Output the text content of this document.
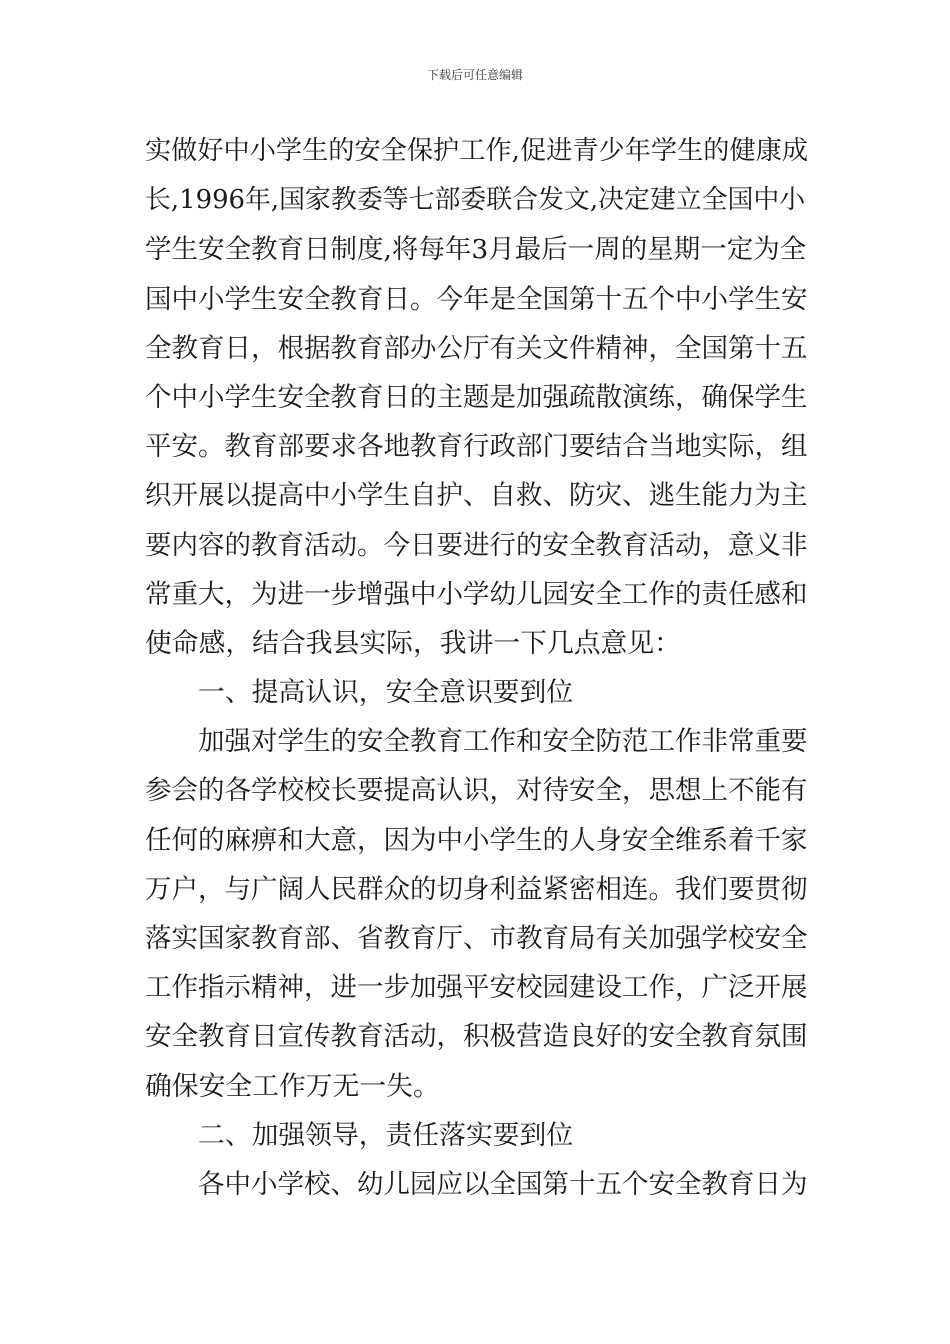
下载后可任意编辑
实做好中小学生的安全保护工作,促进青少年学生的健康成
长,1996年,国家教委等七部委联合发文,决定建立全国中小
学生安全教育日制度,将每年3月最后一周的星期一定为全
国中小学生安全教育日。今年是全国第十五个中小学生安
全教育日，根据教育部办公厅有关文件精神，全国第十五
个中小学生安全教育日的主题是加强疏散演练，确保学生
平安。教育部要求各地教育行政部门要结合当地实际，组
织开展以提高中小学生自护、自救、防灾、逃生能力为主
要内容的教育活动。今日要进行的安全教育活动，意义非
常重大，为进一步增强中小学幼儿园安全工作的责任感和
使命感，结合我县实际，我讲一下几点意见：
一、提高认识，安全意识要到位
加强对学生的安全教育工作和安全防范工作非常重要
参会的各学校校长要提高认识，对待安全，思想上不能有
任何的麻痹和大意，因为中小学生的人身安全维系着千家
万户，与广阔人民群众的切身利益紧密相连。我们要贯彻
落实国家教育部、省教育厅、市教育局有关加强学校安全
工作指示精神，进一步加强平安校园建设工作，广泛开展
安全教育日宣传教育活动，积极营造良好的安全教育氛围
确保安全工作万无一失。
二、加强领导，责任落实要到位
各中小学校、幼儿园应以全国第十五个安全教育日为
